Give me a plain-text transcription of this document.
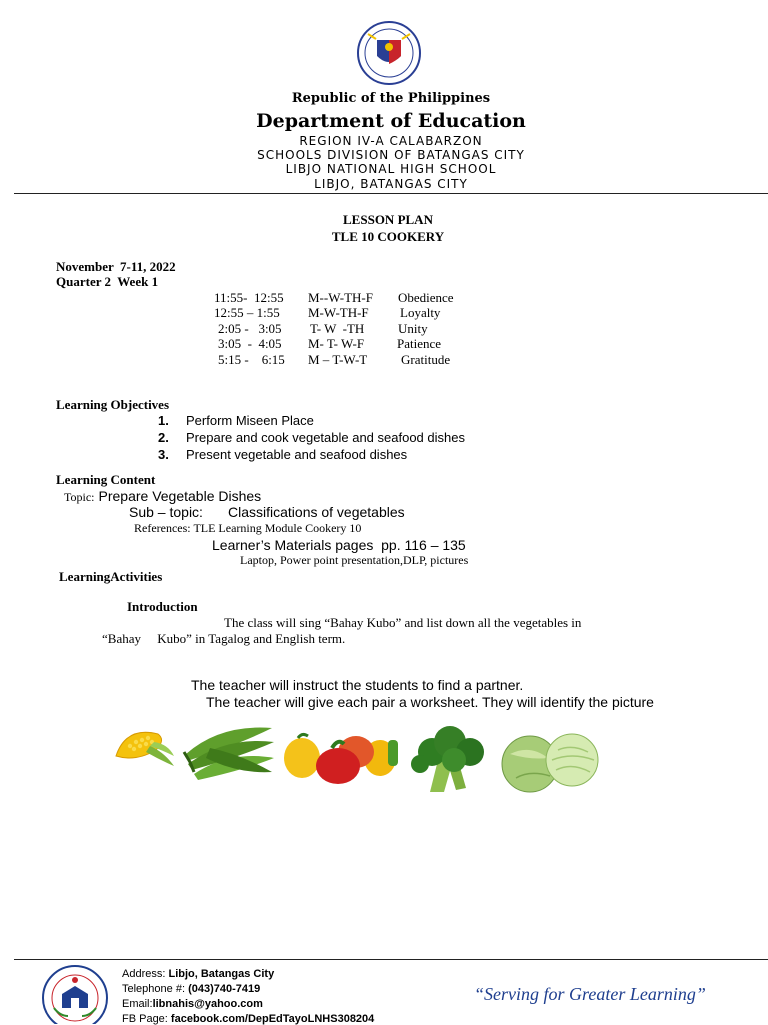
Republic of the Philippines
Department of Education
REGION IV-A CALABARZON
SCHOOLS DIVISION OF BATANGAS CITY
LIBJO NATIONAL HIGH SCHOOL
LIBJO, BATANGAS CITY
LESSON PLAN
TLE 10 COOKERY
November  7-11, 2022
Quarter 2  Week 1
11:55-  12:55 M--W-TH-F Obedience
12:55 – 1:55 M-W-TH-F Loyalty
2:05 -   3:05 T- W  -TH	Unity
3:05  -  4:05 M- T- W-F	Patience
5:15 -    6:15 M – T-W-T	Gratitude
Learning Objectives
1. Perform Miseen Place
2. Prepare and cook vegetable and seafood dishes
3. Present vegetable and seafood dishes
Learning Content
Topic: Prepare Vegetable Dishes
Sub – topic: Classifications of vegetables
References: TLE Learning Module Cookery 10
Learner’s Materials pages  pp. 116 – 135
Laptop, Power point presentation,DLP, pictures
LearningActivities
Introduction
The class will sing “Bahay Kubo” and list down all the vegetables in
“Bahay     Kubo” in Tagalog and English term.
The teacher will instruct the students to find a partner.
The teacher will give each pair a worksheet. They will identify the picture
Address: Libjo, Batangas City
Telephone #: (043)740-7419
Email:libnahis@yahoo.com
FB Page: facebook.com/DepEdTayoLNHS308204
“Serving for Greater Learning”
